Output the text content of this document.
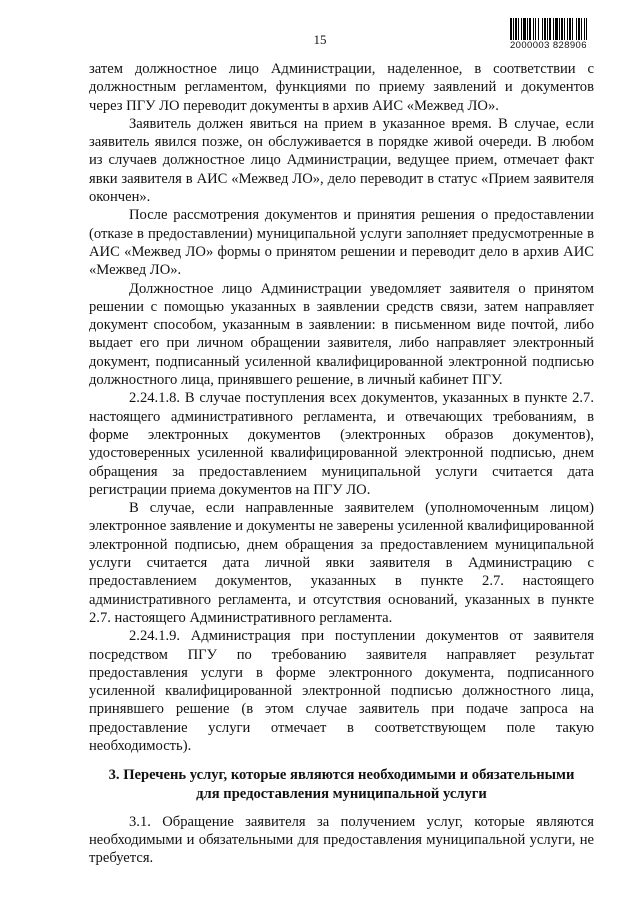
15	2000003 828906

затем должностное лицо Администрации, наделенное, в соответствии с должностным регламентом, функциями по приему заявлений и документов через ПГУ ЛО переводит документы в архив АИС «Межвед ЛО».

Заявитель должен явиться на прием в указанное время. В случае, если заявитель явился позже, он обслуживается в порядке живой очереди. В любом из случаев должностное лицо Администрации, ведущее прием, отмечает факт явки заявителя в АИС «Межвед ЛО», дело переводит в статус «Прием заявителя окончен».

После рассмотрения документов и принятия решения о предоставлении (отказе в предоставлении) муниципальной услуги заполняет предусмотренные в АИС «Межвед ЛО» формы о принятом решении и переводит дело в архив АИС «Межвед ЛО».

Должностное лицо Администрации уведомляет заявителя о принятом решении с помощью указанных в заявлении средств связи, затем направляет документ способом, указанным в заявлении: в письменном виде почтой, либо выдает его при личном обращении заявителя, либо направляет электронный документ, подписанный усиленной квалифицированной электронной подписью должностного лица, принявшего решение, в личный кабинет ПГУ.

2.24.1.8. В случае поступления всех документов, указанных в пункте 2.7. настоящего административного регламента, и отвечающих требованиям, в форме электронных документов (электронных образов документов), удостоверенных усиленной квалифицированной электронной подписью, днем обращения за предоставлением муниципальной услуги считается дата регистрации приема документов на ПГУ ЛО.

В случае, если направленные заявителем (уполномоченным лицом) электронное заявление и документы не заверены усиленной квалифицированной электронной подписью, днем обращения за предоставлением муниципальной услуги считается дата личной явки заявителя в Администрацию с предоставлением документов, указанных в пункте 2.7. настоящего административного регламента, и отсутствия оснований, указанных в пункте 2.7. настоящего Административного регламента.

2.24.1.9. Администрация при поступлении документов от заявителя посредством ПГУ по требованию заявителя направляет результат предоставления услуги в форме электронного документа, подписанного усиленной квалифицированной электронной подписью должностного лица, принявшего решение (в этом случае заявитель при подаче запроса на предоставление услуги отмечает в соответствующем поле такую необходимость).

3. Перечень услуг, которые являются необходимыми и обязательными
для предоставления муниципальной услуги

3.1. Обращение заявителя за получением услуг, которые являются необходимыми и обязательными для предоставления муниципальной услуги, не требуется.
